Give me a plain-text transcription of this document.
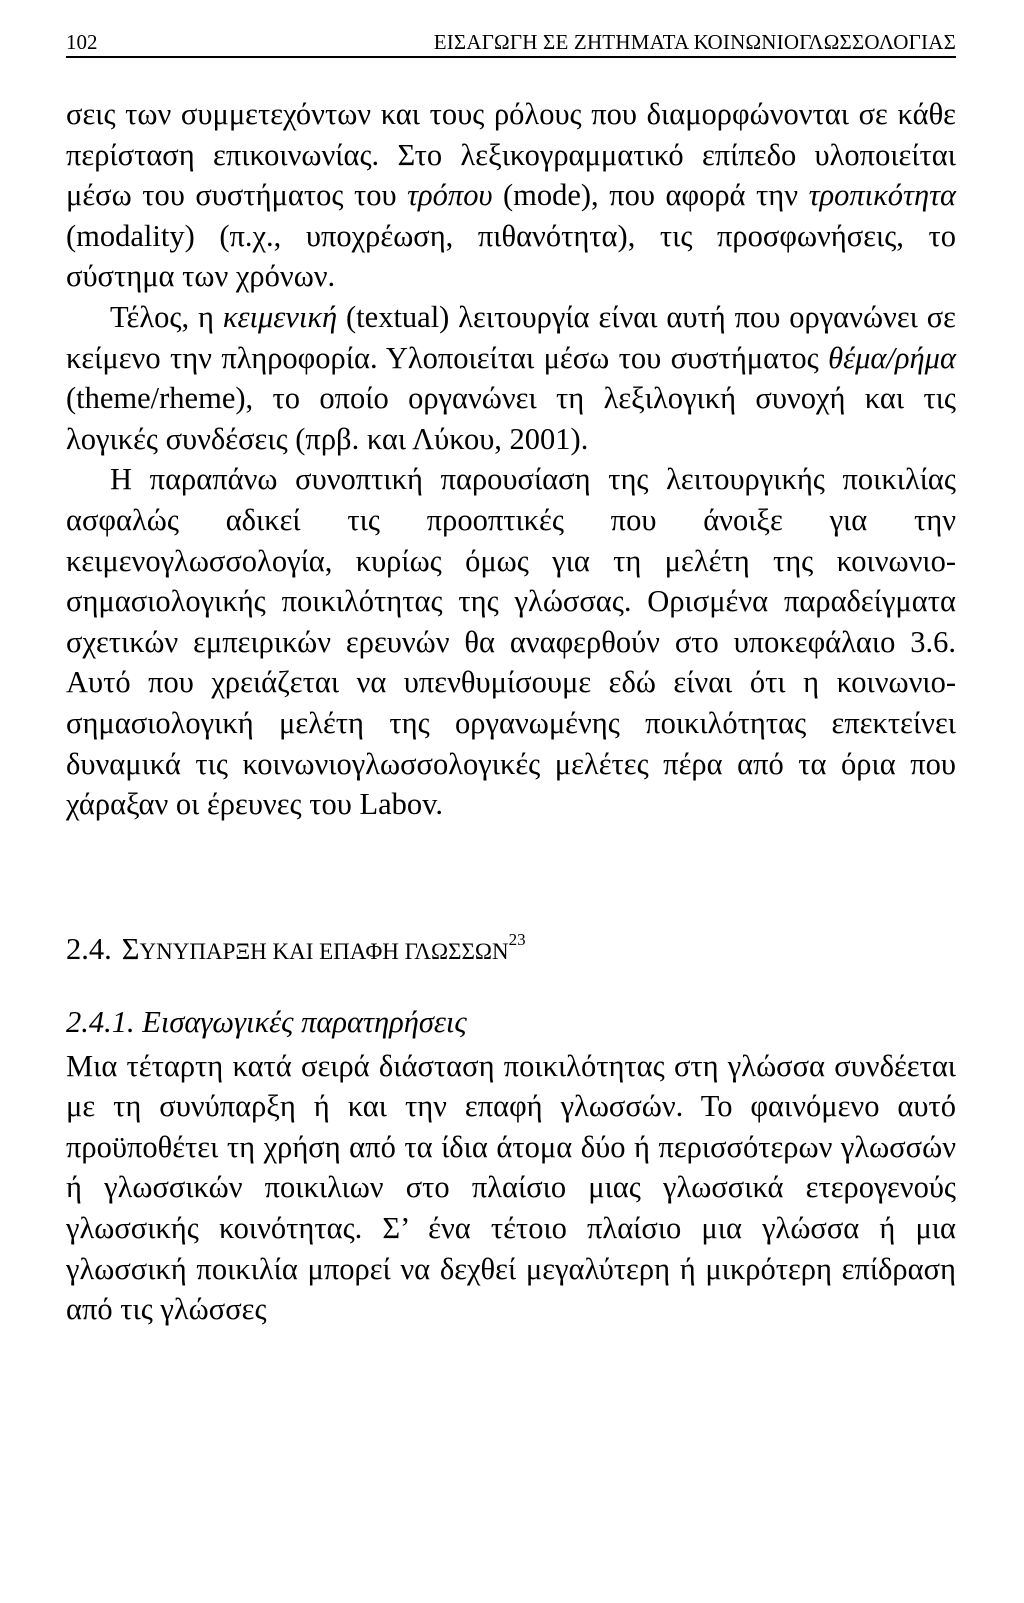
102	ΕΙΣΑΓΩΓΗ ΣΕ ΖΗΤΗΜΑΤΑ ΚΟΙΝΩΝΙΟΓΛΩΣΣΟΛΟΓΙΑΣ

σεις των συμμετεχόντων και τους ρόλους που διαμορφώνονται σε κάθε περίσταση επικοινωνίας. Στο λεξικογραμματικό επίπεδο υλοποιείται μέσω του συστήματος του τρόπου (mode), που αφορά την τροπικότητα (modality) (π.χ., υποχρέωση, πιθανότητα), τις προσφωνήσεις, το σύστημα των χρόνων.

Τέλος, η κειμενική (textual) λειτουργία είναι αυτή που οργανώνει σε κείμενο την πληροφορία. Υλοποιείται μέσω του συστήματος θέμα/ρήμα (theme/rheme), το οποίο οργανώνει τη λεξιλογική συνοχή και τις λογικές συνδέσεις (πρβ. και Λύκου, 2001).

Η παραπάνω συνοπτική παρουσίαση της λειτουργικής ποικιλίας ασφαλώς αδικεί τις προοπτικές που άνοιξε για την κειμενογλωσσολογία, κυρίως όμως για τη μελέτη της κοινωνιο-σημασιολογικής ποικιλότητας της γλώσσας. Ορισμένα παραδείγματα σχετικών εμπειρικών ερευνών θα αναφερθούν στο υποκεφάλαιο 3.6. Αυτό που χρειάζεται να υπενθυμίσουμε εδώ είναι ότι η κοινωνιο-σημασιολογική μελέτη της οργανωμένης ποικιλότητας επεκτείνει δυναμικά τις κοινωνιογλωσσολογικές μελέτες πέρα από τα όρια που χάραξαν οι έρευνες του Labov.

2.4. ΣΥΝΥΠΑΡΞΗ ΚΑΙ ΕΠΑΦΗ ΓΛΩΣΣΩΝ$^{23}$
2.4.1. Εισαγωγικές παρατηρήσεις

Μια τέταρτη κατά σειρά διάσταση ποικιλότητας στη γλώσσα συνδέεται με τη συνύπαρξη ή και την επαφή γλωσσών. Το φαινόμενο αυτό προϋποθέτει τη χρήση από τα ίδια άτομα δύο ή περισσότερων γλωσσών ή γλωσσικών ποικιλιων στο πλαίσιο μιας γλωσσικά ετερογενούς γλωσσικής κοινότητας. Σ’ ένα τέτοιο πλαίσιο μια γλώσσα ή μια γλωσσική ποικιλία μπορεί να δεχθεί μεγαλύτερη ή μικρότερη επίδραση από τις γλώσσες
